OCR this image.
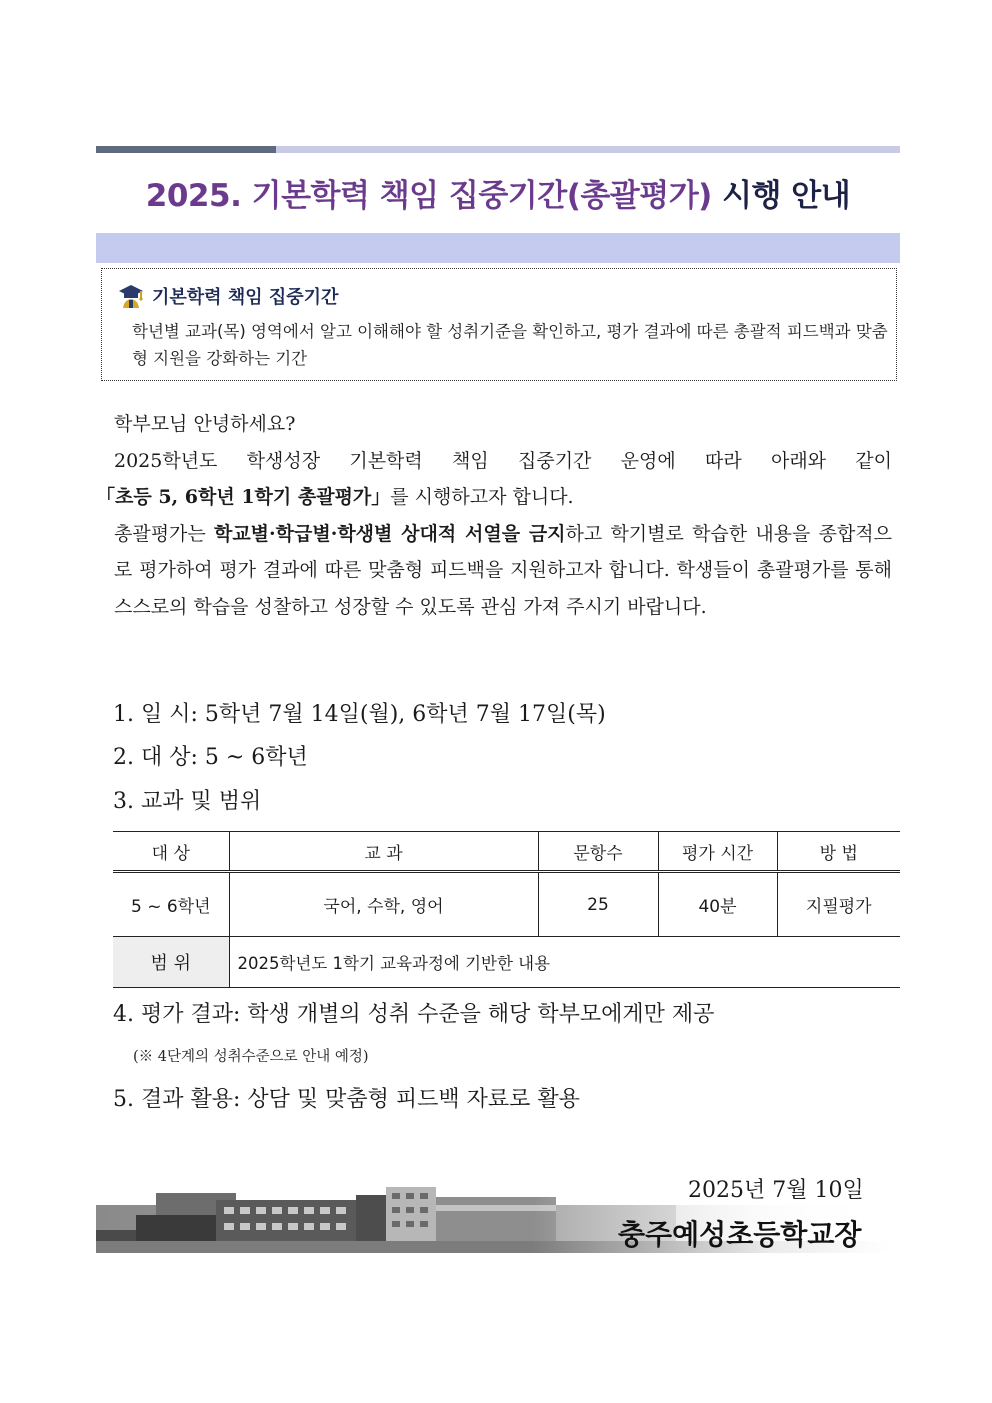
2025. 기본학력 책임 집중기간(총괄평가) 시행 안내
기본학력 책임 집중기간
학년별 교과(목) 영역에서 알고 이해해야 할 성취기준을 확인하고, 평가 결과에 따른 총괄적 피드백과 맞춤형 지원을 강화하는 기간

학부모님 안녕하세요?

2025학년도 학생성장 기본학력 책임 집중기간 운영에 따라 아래와 같이

「초등 5, 6학년 1학기 총괄평가」를 시행하고자 합니다.

총괄평가는 학교별·학급별·학생별 상대적 서열을 금지하고 학기별로 학습한 내용을 종합적으로 평가하여 평가 결과에 따른 맞춤형 피드백을 지원하고자 합니다. 학생들이 총괄평가를 통해 스스로의 학습을 성찰하고 성장할 수 있도록 관심 가져 주시기 바랍니다.

1. 일 시: 5학년 7월 14일(월), 6학년 7월 17일(목)
2. 대 상: 5 ~ 6학년
3. 교과 및 범위
대 상	교 과	문항수	평가 시간	방 법
5 ~ 6학년	국어, 수학, 영어	25	40분	지필평가
범 위	2025학년도 1학기 교육과정에 기반한 내용			
4. 평가 결과: 학생 개별의 성취 수준을 해당 학부모에게만 제공
(※ 4단계의 성취수준으로 안내 예정)
5. 결과 활용: 상담 및 맞춤형 피드백 자료로 활용
2025년 7월 10일
충주예성초등학교장
